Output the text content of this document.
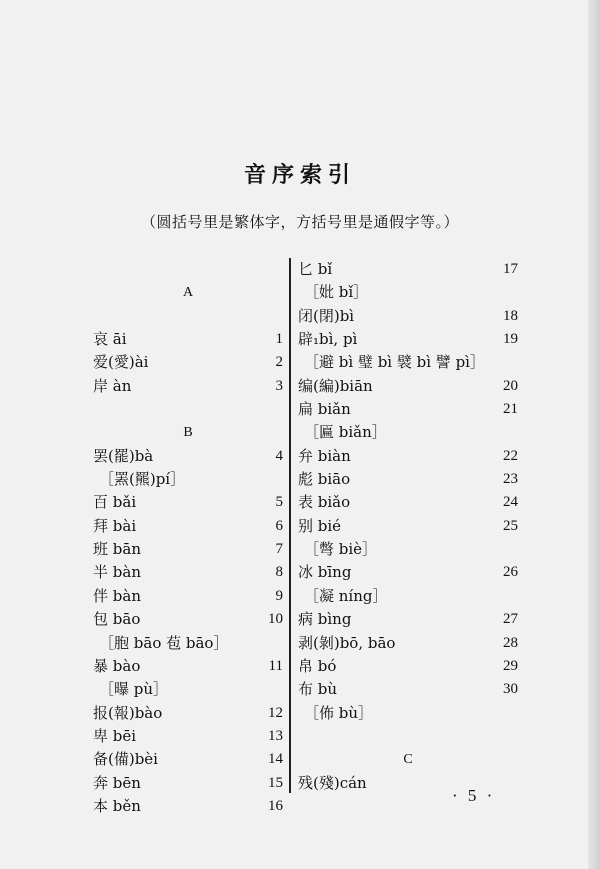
音序索引
（圆括号里是繁体字，方括号里是通假字等。）
A
哀 āi	1
爱(愛)ài	2
岸 àn	3
B
罢(罷)bà	4
［罴(羆)pí］
百 bǎi	5
拜 bài	6
班 bān	7
半 bàn	8
伴 bàn	9
包 bāo	10
［胞 bāo 苞 bāo］
暴 bào	11
［曝 pù］
报(報)bào	12
卑 bēi	13
备(備)bèi	14
奔 bēn	15
本 běn	16
匕 bǐ	17
［妣 bǐ］
闭(閉)bì	18
辟₁bì, pì	19
［避 bì 璧 bì 襞 bì 譬 pì］
编(編)biān	20
扁 biǎn	21
［匾 biǎn］
弁 biàn	22
彪 biāo	23
表 biǎo	24
别 bié	25
［彆 biè］
冰 bīng	26
［凝 níng］
病 bìng	27
剥(剝)bō, bāo	28
帛 bó	29
布 bù	30
［佈 bù］
C
残(殘)cán
· 5 ·
